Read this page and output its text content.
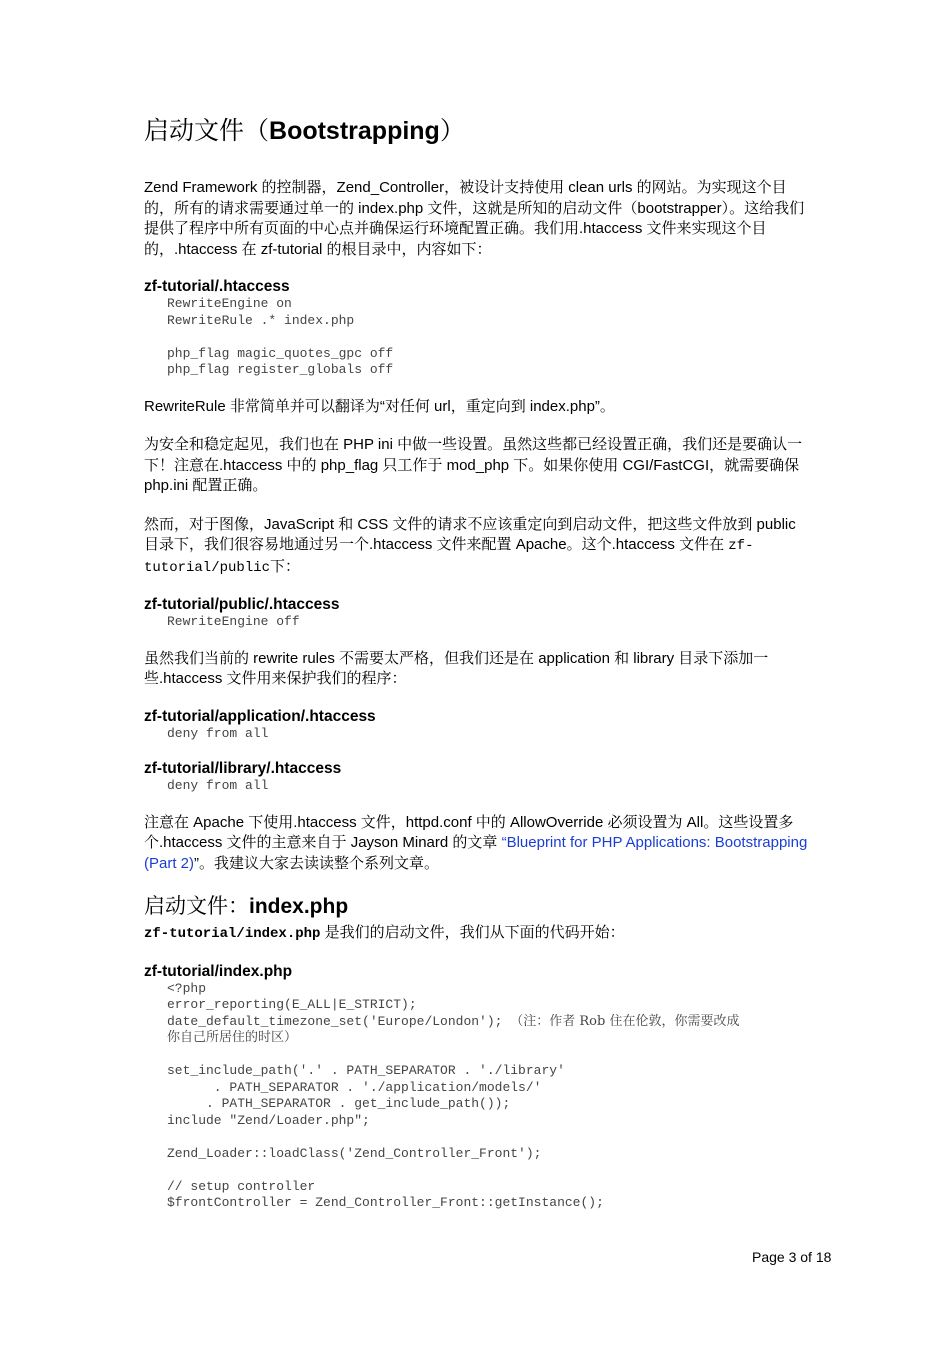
启动文件（Bootstrapping）

Zend Framework 的控制器，Zend_Controller，被设计支持使用 clean urls 的网站。为实现这个目的，所有的请求需要通过单一的 index.php 文件，这就是所知的启动文件（bootstrapper）。这给我们提供了程序中所有页面的中心点并确保运行环境配置正确。我们用.htaccess 文件来实现这个目的，.htaccess 在 zf-tutorial 的根目录中，内容如下：

zf-tutorial/.htaccess
RewriteEngine on
RewriteRule .* index.php

php_flag magic_quotes_gpc off
php_flag register_globals off

RewriteRule 非常简单并可以翻译为“对任何 url，重定向到 index.php”。

为安全和稳定起见，我们也在 PHP ini 中做一些设置。虽然这些都已经设置正确，我们还是要确认一下！注意在.htaccess 中的 php_flag 只工作于 mod_php 下。如果你使用 CGI/FastCGI，就需要确保 php.ini 配置正确。

然而，对于图像，JavaScript 和 CSS 文件的请求不应该重定向到启动文件，把这些文件放到 public 目录下，我们很容易地通过另一个.htaccess 文件来配置 Apache。这个.htaccess 文件在 zf-tutorial/public下：

zf-tutorial/public/.htaccess
RewriteEngine off

虽然我们当前的 rewrite rules 不需要太严格，但我们还是在 application 和 library 目录下添加一些.htaccess 文件用来保护我们的程序：

zf-tutorial/application/.htaccess
deny from all
zf-tutorial/library/.htaccess
deny from all

注意在 Apache 下使用.htaccess 文件，httpd.conf 中的 AllowOverride 必须设置为 All。这些设置多个.htaccess 文件的主意来自于 Jayson Minard 的文章 “Blueprint for PHP Applications: Bootstrapping (Part 2)”。我建议大家去读读整个系列文章。

启动文件：index.php

zf-tutorial/index.php 是我们的启动文件，我们从下面的代码开始：

zf-tutorial/index.php
<?php
error_reporting(E_ALL|E_STRICT);
date_default_timezone_set('Europe/London'); （注：作者 Rob 住在伦敦，你需要改成
你自己所居住的时区）

set_include_path('.' . PATH_SEPARATOR . './library'
. PATH_SEPARATOR . './application/models/'
. PATH_SEPARATOR . get_include_path());
include "Zend/Loader.php";

Zend_Loader::loadClass('Zend_Controller_Front');

// setup controller
$frontController = Zend_Controller_Front::getInstance();
Page 3 of 18
